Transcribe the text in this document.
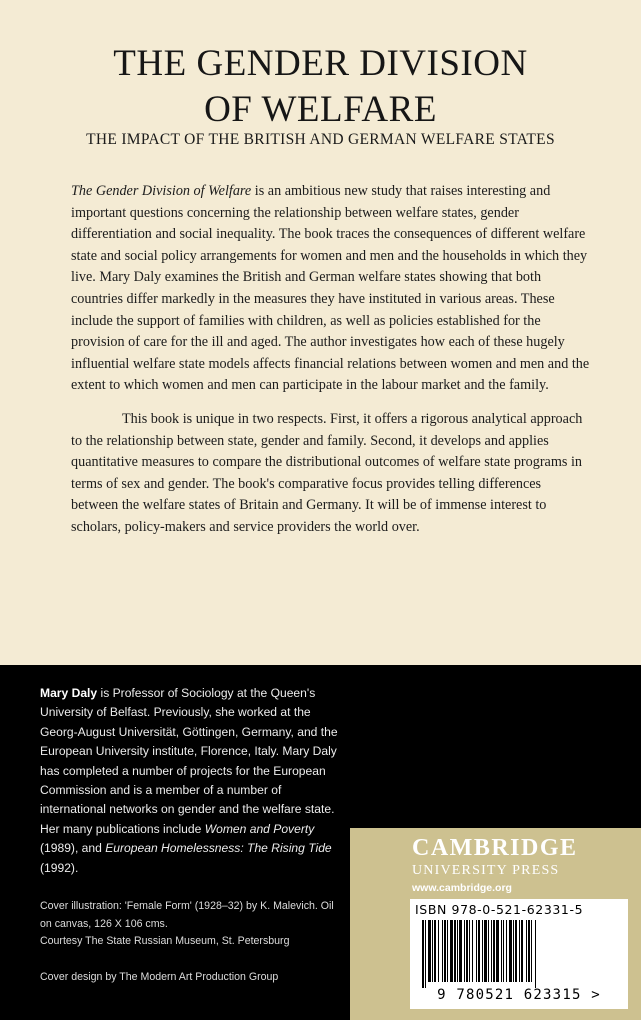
THE GENDER DIVISION
OF WELFARE
THE IMPACT OF THE BRITISH AND GERMAN WELFARE STATES

The Gender Division of Welfare is an ambitious new study that raises interesting and important questions concerning the relationship between welfare states, gender differentiation and social inequality. The book traces the consequences of different welfare state and social policy arrangements for women and men and the households in which they live. Mary Daly examines the British and German welfare states showing that both countries differ markedly in the measures they have instituted in various areas. These include the support of families with children, as well as policies established for the provision of care for the ill and aged. The author investigates how each of these hugely influential welfare state models affects financial relations between women and men and the extent to which women and men can participate in the labour market and the family.

This book is unique in two respects. First, it offers a rigorous analytical approach to the relationship between state, gender and family. Second, it develops and applies quantitative measures to compare the distributional outcomes of welfare state programs in terms of sex and gender. The book's comparative focus provides telling differences between the welfare states of Britain and Germany. It will be of immense interest to scholars, policy-makers and service providers the world over.

Mary Daly is Professor of Sociology at the Queen's University of Belfast. Previously, she worked at the Georg-August Universität, Göttingen, Germany, and the European University institute, Florence, Italy. Mary Daly has completed a number of projects for the European Commission and is a member of a number of international networks on gender and the welfare state. Her many publications include Women and Poverty (1989), and European Homelessness: The Rising Tide (1992).
Cover illustration: 'Female Form' (1928–32) by K. Malevich. Oil on canvas, 126 X 106 cms.
Courtesy The State Russian Museum, St. Petersburg
Cover design by The Modern Art Production Group
CAMBRIDGE
UNIVERSITY PRESS
www.cambridge.org
ISBN 978-0-521-62331-5
9 780521 623315 >
